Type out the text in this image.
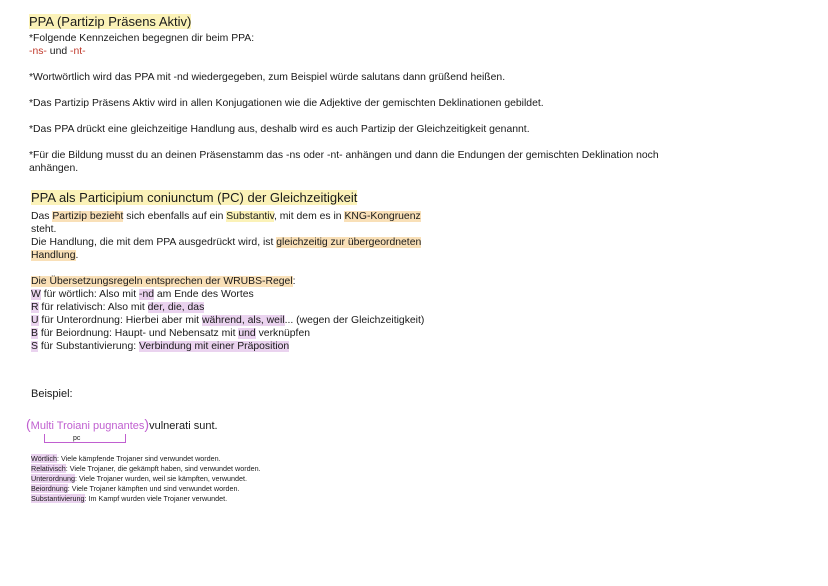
PPA (Partizip Präsens Aktiv)
*Folgende Kennzeichen begegnen dir beim PPA:
-ns- und -nt-
*Wortwörtlich wird das PPA mit -nd wiedergegeben, zum Beispiel würde salutans dann grüßend heißen.
*Das Partizip Präsens Aktiv wird in allen Konjugationen wie die Adjektive der gemischten Deklinationen gebildet.
*Das PPA drückt eine gleichzeitige Handlung aus, deshalb wird es auch Partizip der Gleichzeitigkeit genannt.
*Für die Bildung musst du an deinen Präsenstamm das -ns oder -nt- anhängen und dann die Endungen der gemischten Deklination noch
anhängen.
PPA als Participium coniunctum (PC) der Gleichzeitigkeit
Das Partizip bezieht sich ebenfalls auf ein Substantiv, mit dem es in KNG-Kongruenz
steht.
Die Handlung, die mit dem PPA ausgedrückt wird, ist gleichzeitig zur übergeordneten
Handlung.
Die Übersetzungsregeln entsprechen der WRUBS-Regel:
W für wörtlich: Also mit -nd am Ende des Wortes
R für relativisch: Also mit der, die, das
U für Unterordnung: Hierbei aber mit während, als, weil... (wegen der Gleichzeitigkeit)
B für Beiordnung: Haupt- und Nebensatz mit und verknüpfen
S für Substantivierung: Verbindung mit einer Präposition
Beispiel:
(Multi Troiani pugnantes)vulnerati sunt.
pc
Wörtlich: Viele kämpfende Trojaner sind verwundet worden.
Relativisch: Viele Trojaner, die gekämpft haben, sind verwundet worden.
Unterordnung: Viele Trojaner wurden, weil sie kämpften, verwundet.
Beiordnung: Viele Trojaner kämpften und sind verwundet worden.
Substantivierung: Im Kampf wurden viele Trojaner verwundet.
